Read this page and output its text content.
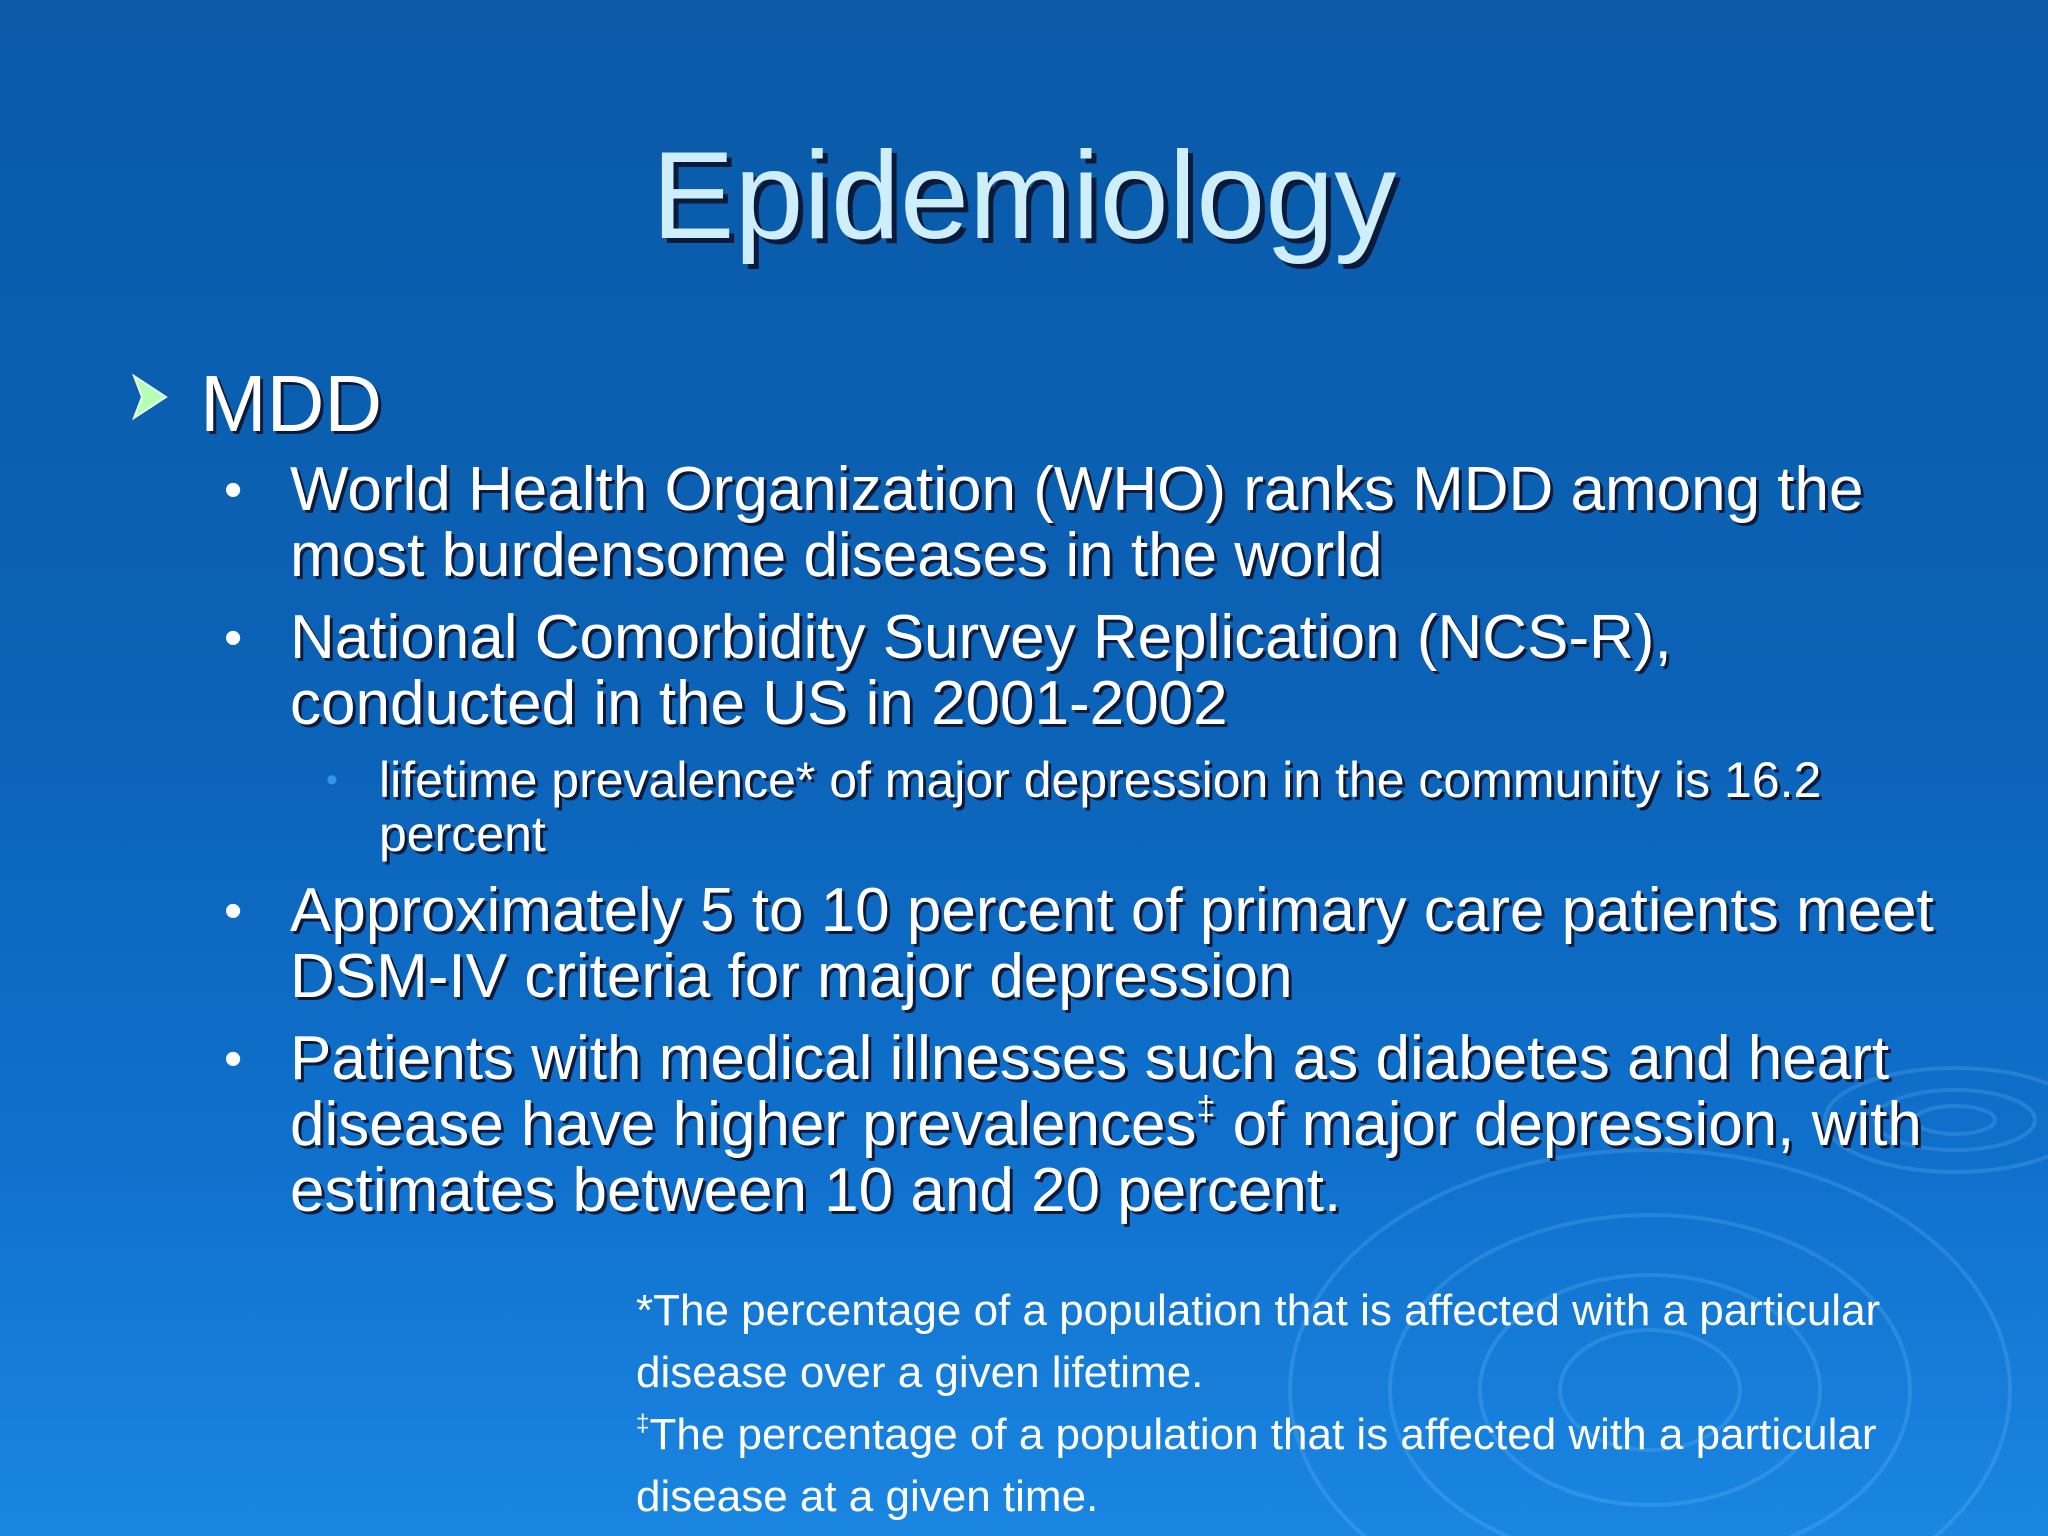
Epidemiology
MDD
• World Health Organization (WHO) ranks MDD among the most burdensome diseases in the world
• National Comorbidity Survey Replication (NCS-R), conducted in the US in 2001-2002
• lifetime prevalence* of major depression in the community is 16.2 percent
• Approximately 5 to 10 percent of primary care patients meet DSM-IV criteria for major depression
• Patients with medical illnesses such as diabetes and heart disease have higher prevalences‡ of major depression, with estimates between 10 and 20 percent.

*The percentage of a population that is affected with a particular disease over a given lifetime.

‡The percentage of a population that is affected with a particular disease at a given time.
